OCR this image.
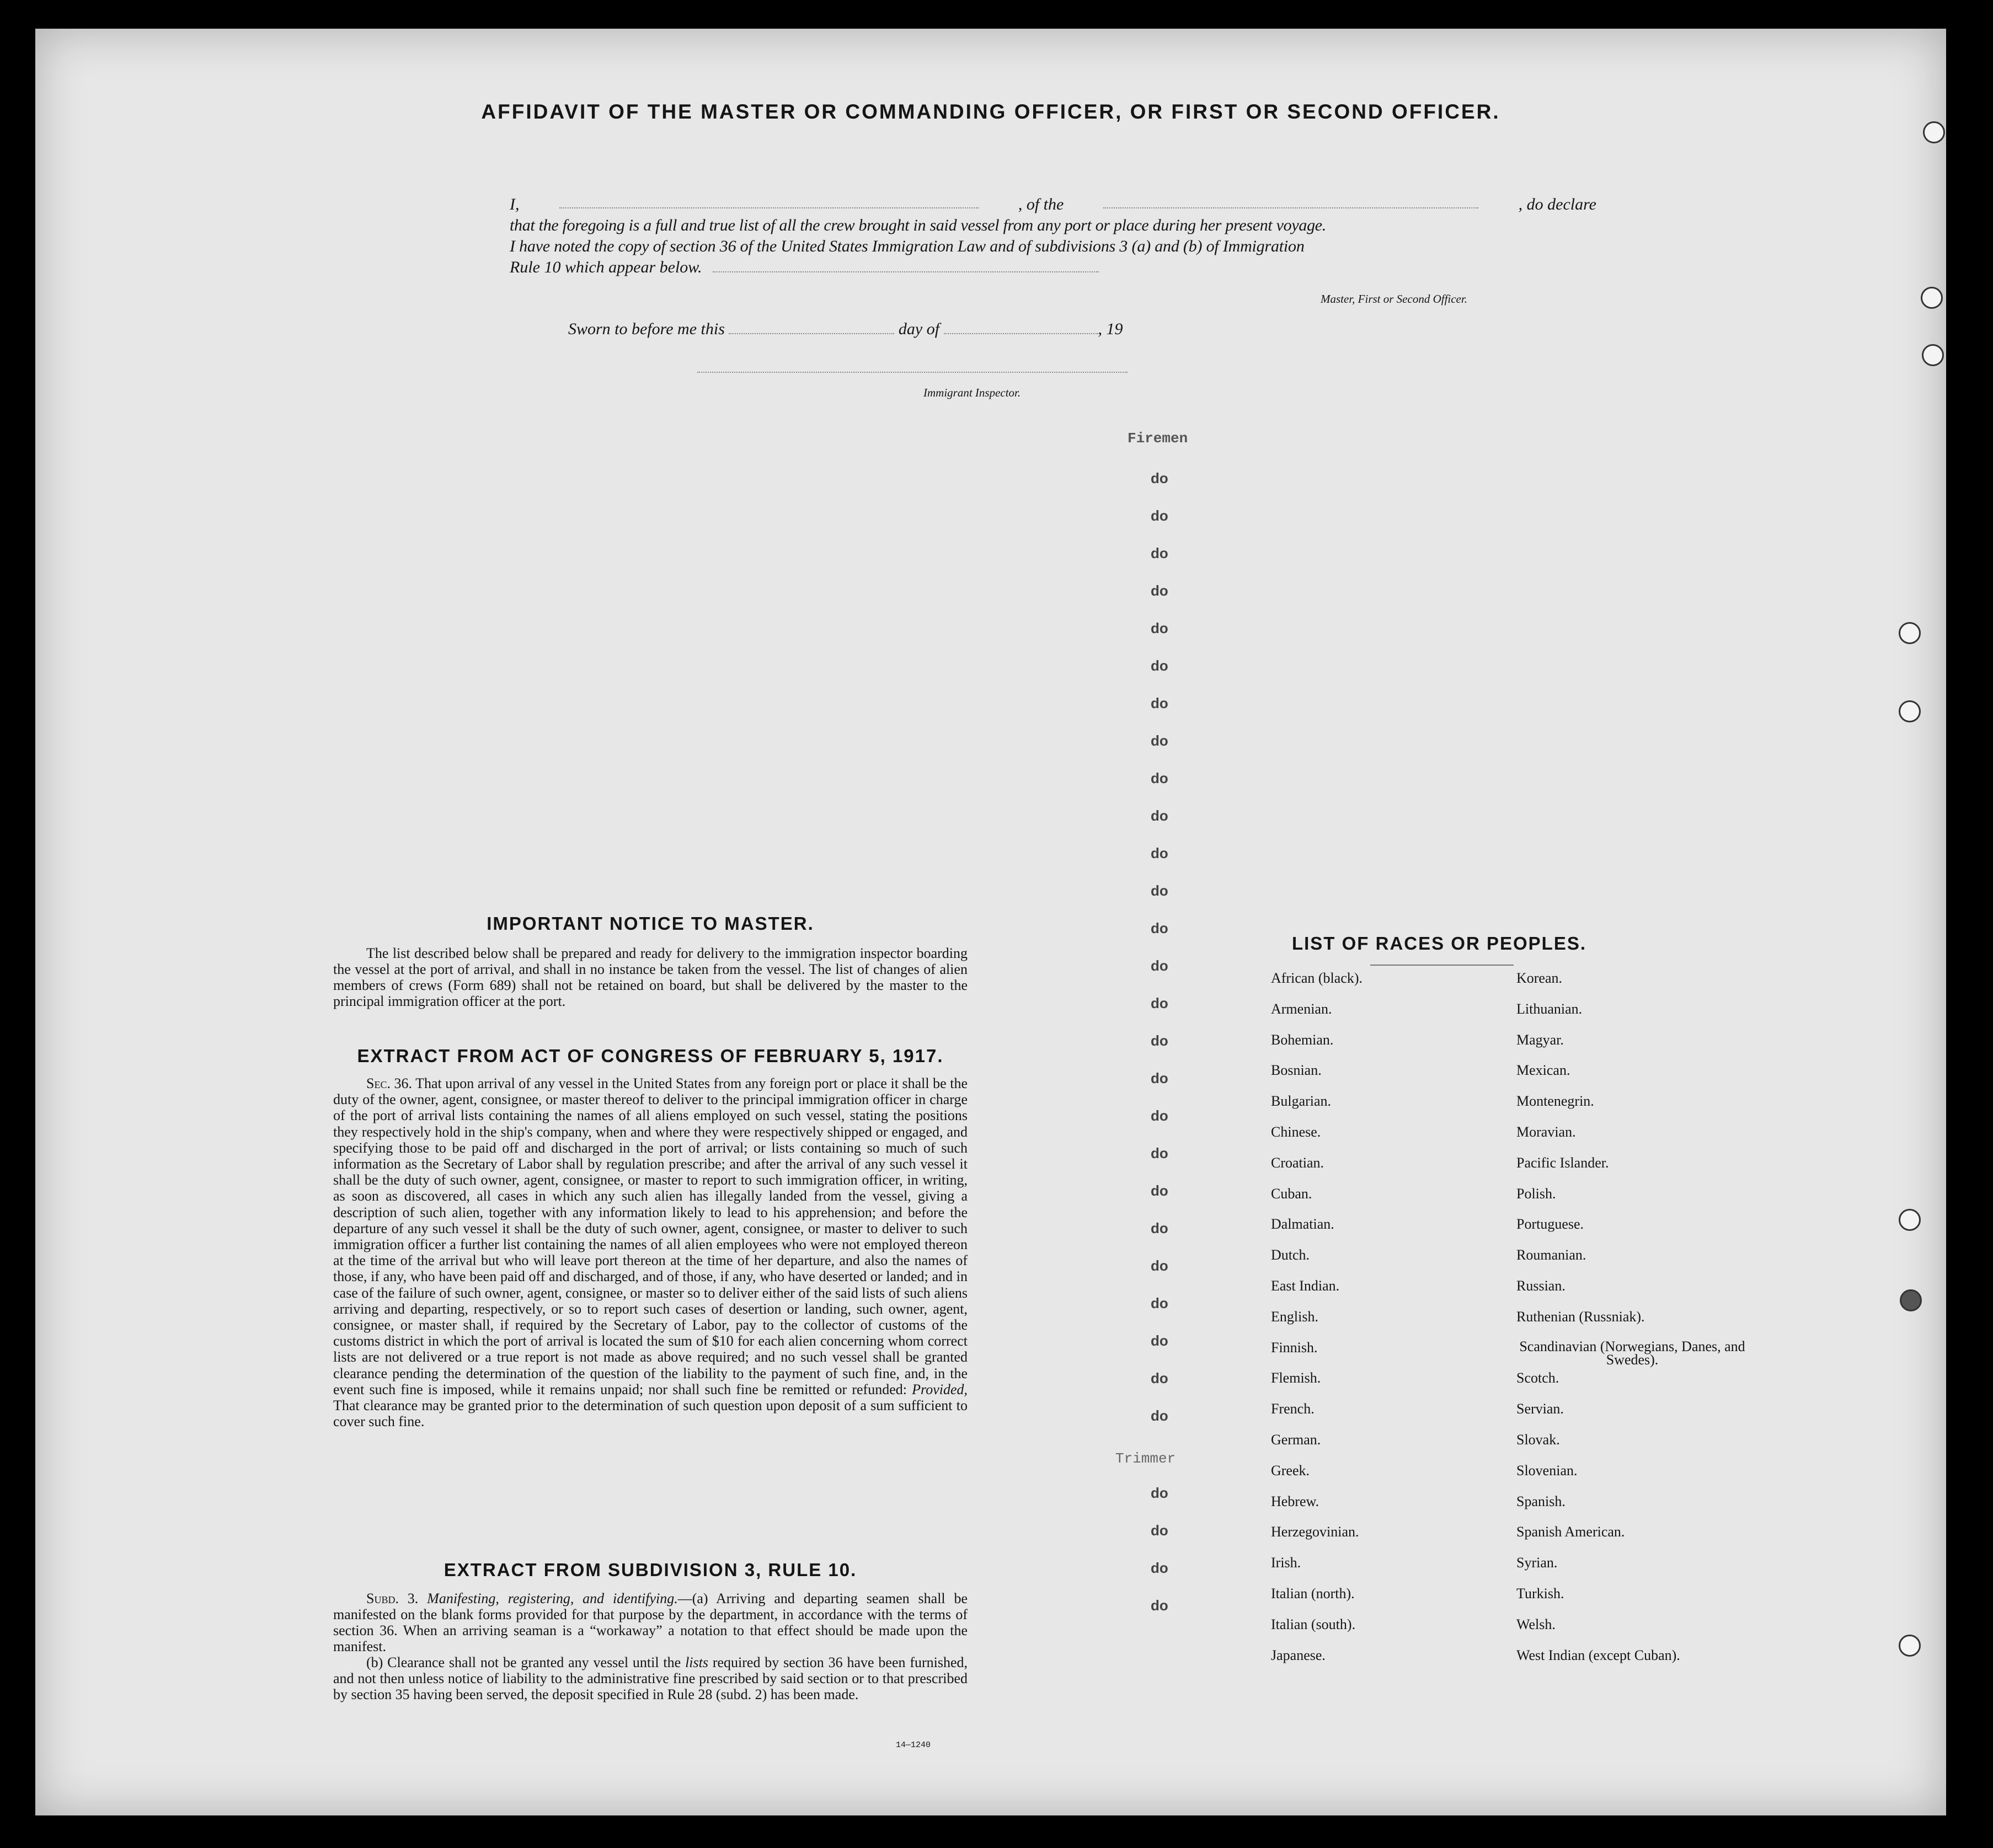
AFFIDAVIT OF THE MASTER OR COMMANDING OFFICER, OR FIRST OR SECOND OFFICER.
I,	, of the	, do declare
that the foregoing is a full and true list of all the crew brought in said vessel from any port or place during her present voyage.
I have noted the copy of section 36 of the United States Immigration Law and of subdivisions 3 (a) and (b) of Immigration
Rule 10 which appear below.
Master, First or Second Officer.
Sworn to before me this	day of	, 19
Immigrant Inspector.
Firemen
Trimmer
do
do
do
do
do
do
do
do
do
do
do
do
do
do
do
do
do
do
do
do
do
do
do
do
do
do
do
do
do
do
IMPORTANT NOTICE TO MASTER.
The list described below shall be prepared and ready for delivery to the immigration inspector boarding the vessel at the port of arrival, and shall in no instance be taken from the vessel. The list of changes of alien members of crews (Form 689) shall not be retained on board, but shall be delivered by the master to the principal immigration officer at the port.
EXTRACT FROM ACT OF CONGRESS OF FEBRUARY 5, 1917.
Sec. 36. That upon arrival of any vessel in the United States from any foreign port or place it shall be the duty of the owner, agent, consignee, or master thereof to deliver to the principal immigration officer in charge of the port of arrival lists containing the names of all aliens employed on such vessel, stating the positions they respectively hold in the ship's company, when and where they were respectively shipped or engaged, and specifying those to be paid off and discharged in the port of arrival; or lists containing so much of such information as the Secretary of Labor shall by regulation prescribe; and after the arrival of any such vessel it shall be the duty of such owner, agent, consignee, or master to report to such immigration officer, in writing, as soon as discovered, all cases in which any such alien has illegally landed from the vessel, giving a description of such alien, together with any information likely to lead to his apprehension; and before the departure of any such vessel it shall be the duty of such owner, agent, consignee, or master to deliver to such immigration officer a further list containing the names of all alien employees who were not employed thereon at the time of the arrival but who will leave port thereon at the time of her departure, and also the names of those, if any, who have been paid off and discharged, and of those, if any, who have deserted or landed; and in case of the failure of such owner, agent, consignee, or master so to deliver either of the said lists of such aliens arriving and departing, respectively, or so to report such cases of desertion or landing, such owner, agent, consignee, or master shall, if required by the Secretary of Labor, pay to the collector of customs of the customs district in which the port of arrival is located the sum of $10 for each alien concerning whom correct lists are not delivered or a true report is not made as above required; and no such vessel shall be granted clearance pending the determination of the question of the liability to the payment of such fine, and, in the event such fine is imposed, while it remains unpaid; nor shall such fine be remitted or refunded: Provided, That clearance may be granted prior to the determination of such question upon deposit of a sum sufficient to cover such fine.
EXTRACT FROM SUBDIVISION 3, RULE 10.

Subd. 3. Manifesting, registering, and identifying.—(a) Arriving and departing seamen shall be manifested on the blank forms provided for that purpose by the department, in accordance with the terms of section 36. When an arriving seaman is a “workaway” a notation to that effect should be made upon the manifest.

(b) Clearance shall not be granted any vessel until the lists required by section 36 have been furnished, and not then unless notice of liability to the administrative fine prescribed by said section or to that prescribed by section 35 having been served, the deposit specified in Rule 28 (subd. 2) has been made.

14—1240
LIST OF RACES OR PEOPLES.
African (black).
Armenian.
Bohemian.
Bosnian.
Bulgarian.
Chinese.
Croatian.
Cuban.
Dalmatian.
Dutch.
East Indian.
English.
Finnish.
Flemish.
French.
German.
Greek.
Hebrew.
Herzegovinian.
Irish.
Italian (north).
Italian (south).
Japanese.
Korean.
Lithuanian.
Magyar.
Mexican.
Montenegrin.
Moravian.
Pacific Islander.
Polish.
Portuguese.
Roumanian.
Russian.
Ruthenian (Russniak).
Scandinavian (Norwegians, Danes, and Swedes).
Scotch.
Servian.
Slovak.
Slovenian.
Spanish.
Spanish American.
Syrian.
Turkish.
Welsh.
West Indian (except Cuban).
